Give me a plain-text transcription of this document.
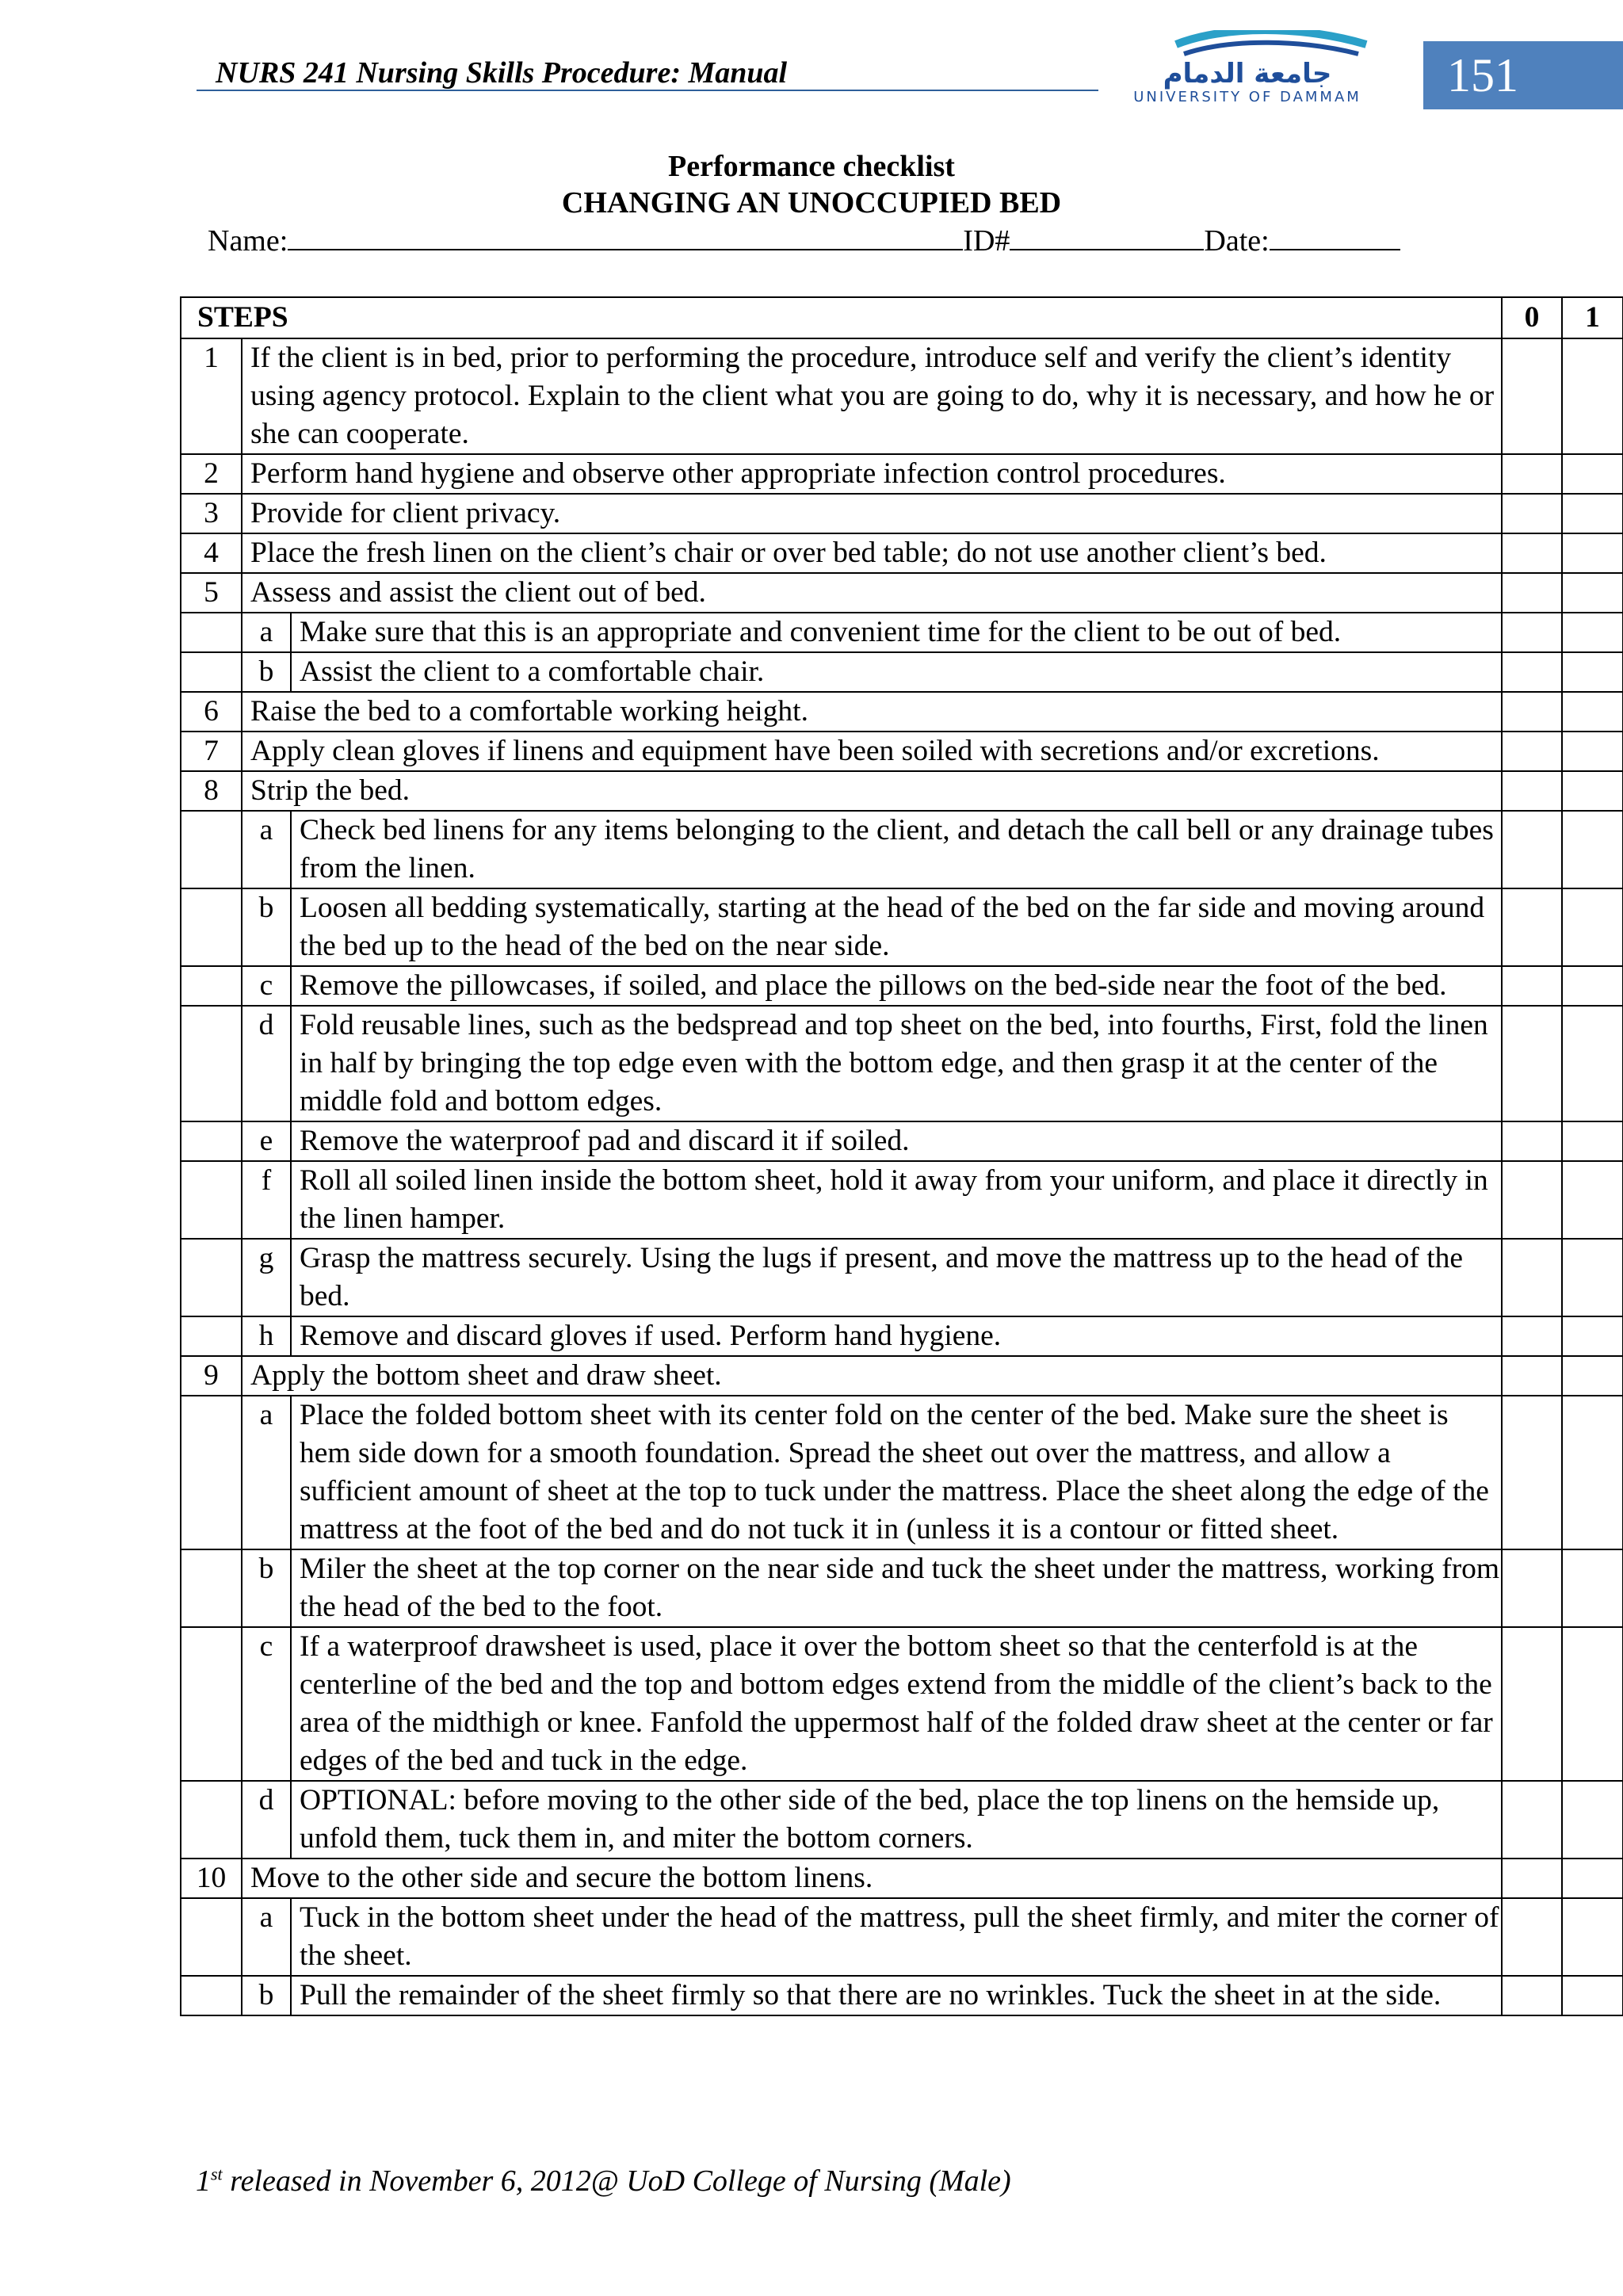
NURS 241 Nursing Skills Procedure: Manual	جامعة الدمام
UNIVERSITY OF DAMMAM	151
Performance checklist
CHANGING AN UNOCCUPIED BED
Name:	ID#	Date:
STEPS			0	1
1	If the client is in bed, prior to performing the procedure, introduce self and verify the client’s identity using agency protocol. Explain to the client what you are going to do, why it is necessary, and how he or she can cooperate.			
2	Perform hand hygiene and observe other appropriate infection control procedures.			
3	Provide for client privacy.			
4	Place the fresh linen on the client’s chair or over bed table; do not use another client’s bed.			
5	Assess and assist the client out of bed.			
	a	Make sure that this is an appropriate and convenient time for the client to be out of bed.		
	b	Assist the client to a comfortable chair.		
6	Raise the bed to a comfortable working height.			
7	Apply clean gloves if linens and equipment have been soiled with secretions and/or excretions.			
8	Strip the bed.			
	a	Check bed linens for any items belonging to the client, and detach the call bell or any drainage tubes from the linen.		
	b	Loosen all bedding systematically, starting at the head of the bed on the far side and moving around the bed up to the head of the bed on the near side.		
	c	Remove the pillowcases, if soiled, and place the pillows on the bed-side near the foot of the bed.		
	d	Fold reusable lines, such as the bedspread and top sheet on the bed, into fourths, First, fold the linen in half by bringing the top edge even with the bottom edge, and then grasp it at the center of the middle fold and bottom edges.		
	e	Remove the waterproof pad and discard it if soiled.		
	f	Roll all soiled linen inside the bottom sheet, hold it away from your uniform, and place it directly in the linen hamper.		
	g	Grasp the mattress securely. Using the lugs if present, and move the mattress up to the head of the bed.		
	h	Remove and discard gloves if used. Perform hand hygiene.		
9	Apply the bottom sheet and draw sheet.			
	a	Place the folded bottom sheet with its center fold on the center of the bed. Make sure the sheet is hem side down for a smooth foundation. Spread the sheet out over the mattress, and allow a sufficient amount of sheet at the top to tuck under the mattress. Place the sheet along the edge of the mattress at the foot of the bed and do not tuck it in (unless it is a contour or fitted sheet.		
	b	Miler the sheet at the top corner on the near side and tuck the sheet under the mattress, working from the head of the bed to the foot.		
	c	If a waterproof drawsheet is used, place it over the bottom sheet so that the centerfold is at the centerline of the bed and the top and bottom edges extend from the middle of the client’s back to the area of the midthigh or knee. Fanfold the uppermost half of the folded draw sheet at the center or far edges of the bed and tuck in the edge.		
	d	OPTIONAL: before moving to the other side of the bed, place the top linens on the hemside up, unfold them, tuck them in, and miter the bottom corners.		
10	Move to the other side and secure the bottom linens.			
	a	Tuck in the bottom sheet under the head of the mattress, pull the sheet firmly, and miter the corner of the sheet.		
	b	Pull the remainder of the sheet firmly so that there are no wrinkles. Tuck the sheet in at the side.		
1st released in November 6, 2012@ UoD College of Nursing (Male)
